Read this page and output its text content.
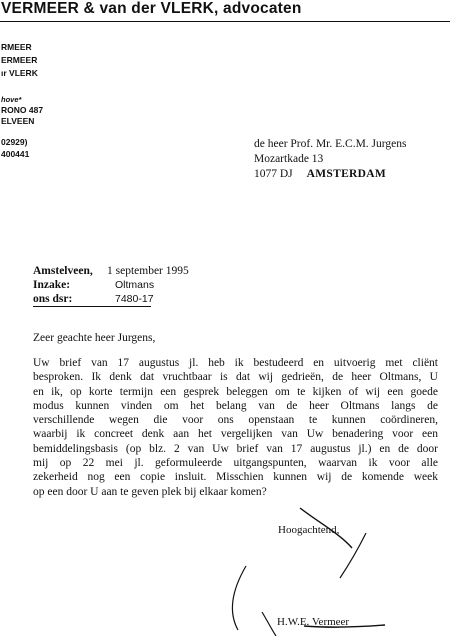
VERMEER & van der VLERK, advocaten
RMEER
ERMEER
ır VLERK
hove*
RONO 487
ELVEEN
02929)
400441
de heer Prof. Mr. E.C.M. Jurgens
Mozartkade 13
1077 DJ AMSTERDAM
Amstelveen,	1 september 1995
Inzake:	Oltmans
ons dsr:	7480-17
Zeer geachte heer Jurgens,
Uw brief van 17 augustus jl. heb ik bestudeerd en uitvoerig met cliënt
besproken. Ik denk dat vruchtbaar is dat wij gedrieën, de heer Oltmans, U
en ik, op korte termijn een gesprek beleggen om te kijken of wij een goede
modus kunnen vinden om het belang van de heer Oltmans langs de
verschillende wegen die voor ons openstaan te kunnen coördineren,
waarbij ik concreet denk aan het vergelijken van Uw benadering voor een
bemiddelingsbasis (op blz. 2 van Uw brief van 17 augustus jl.) en de door
mij op 22 mei jl. geformuleerde uitgangspunten, waarvan ik voor alle
zekerheid nog een copie insluit. Misschien kunnen wij de komende week
op een door U aan te geven plek bij elkaar komen?
Hoogachtend,
H.W.E. Vermeer
